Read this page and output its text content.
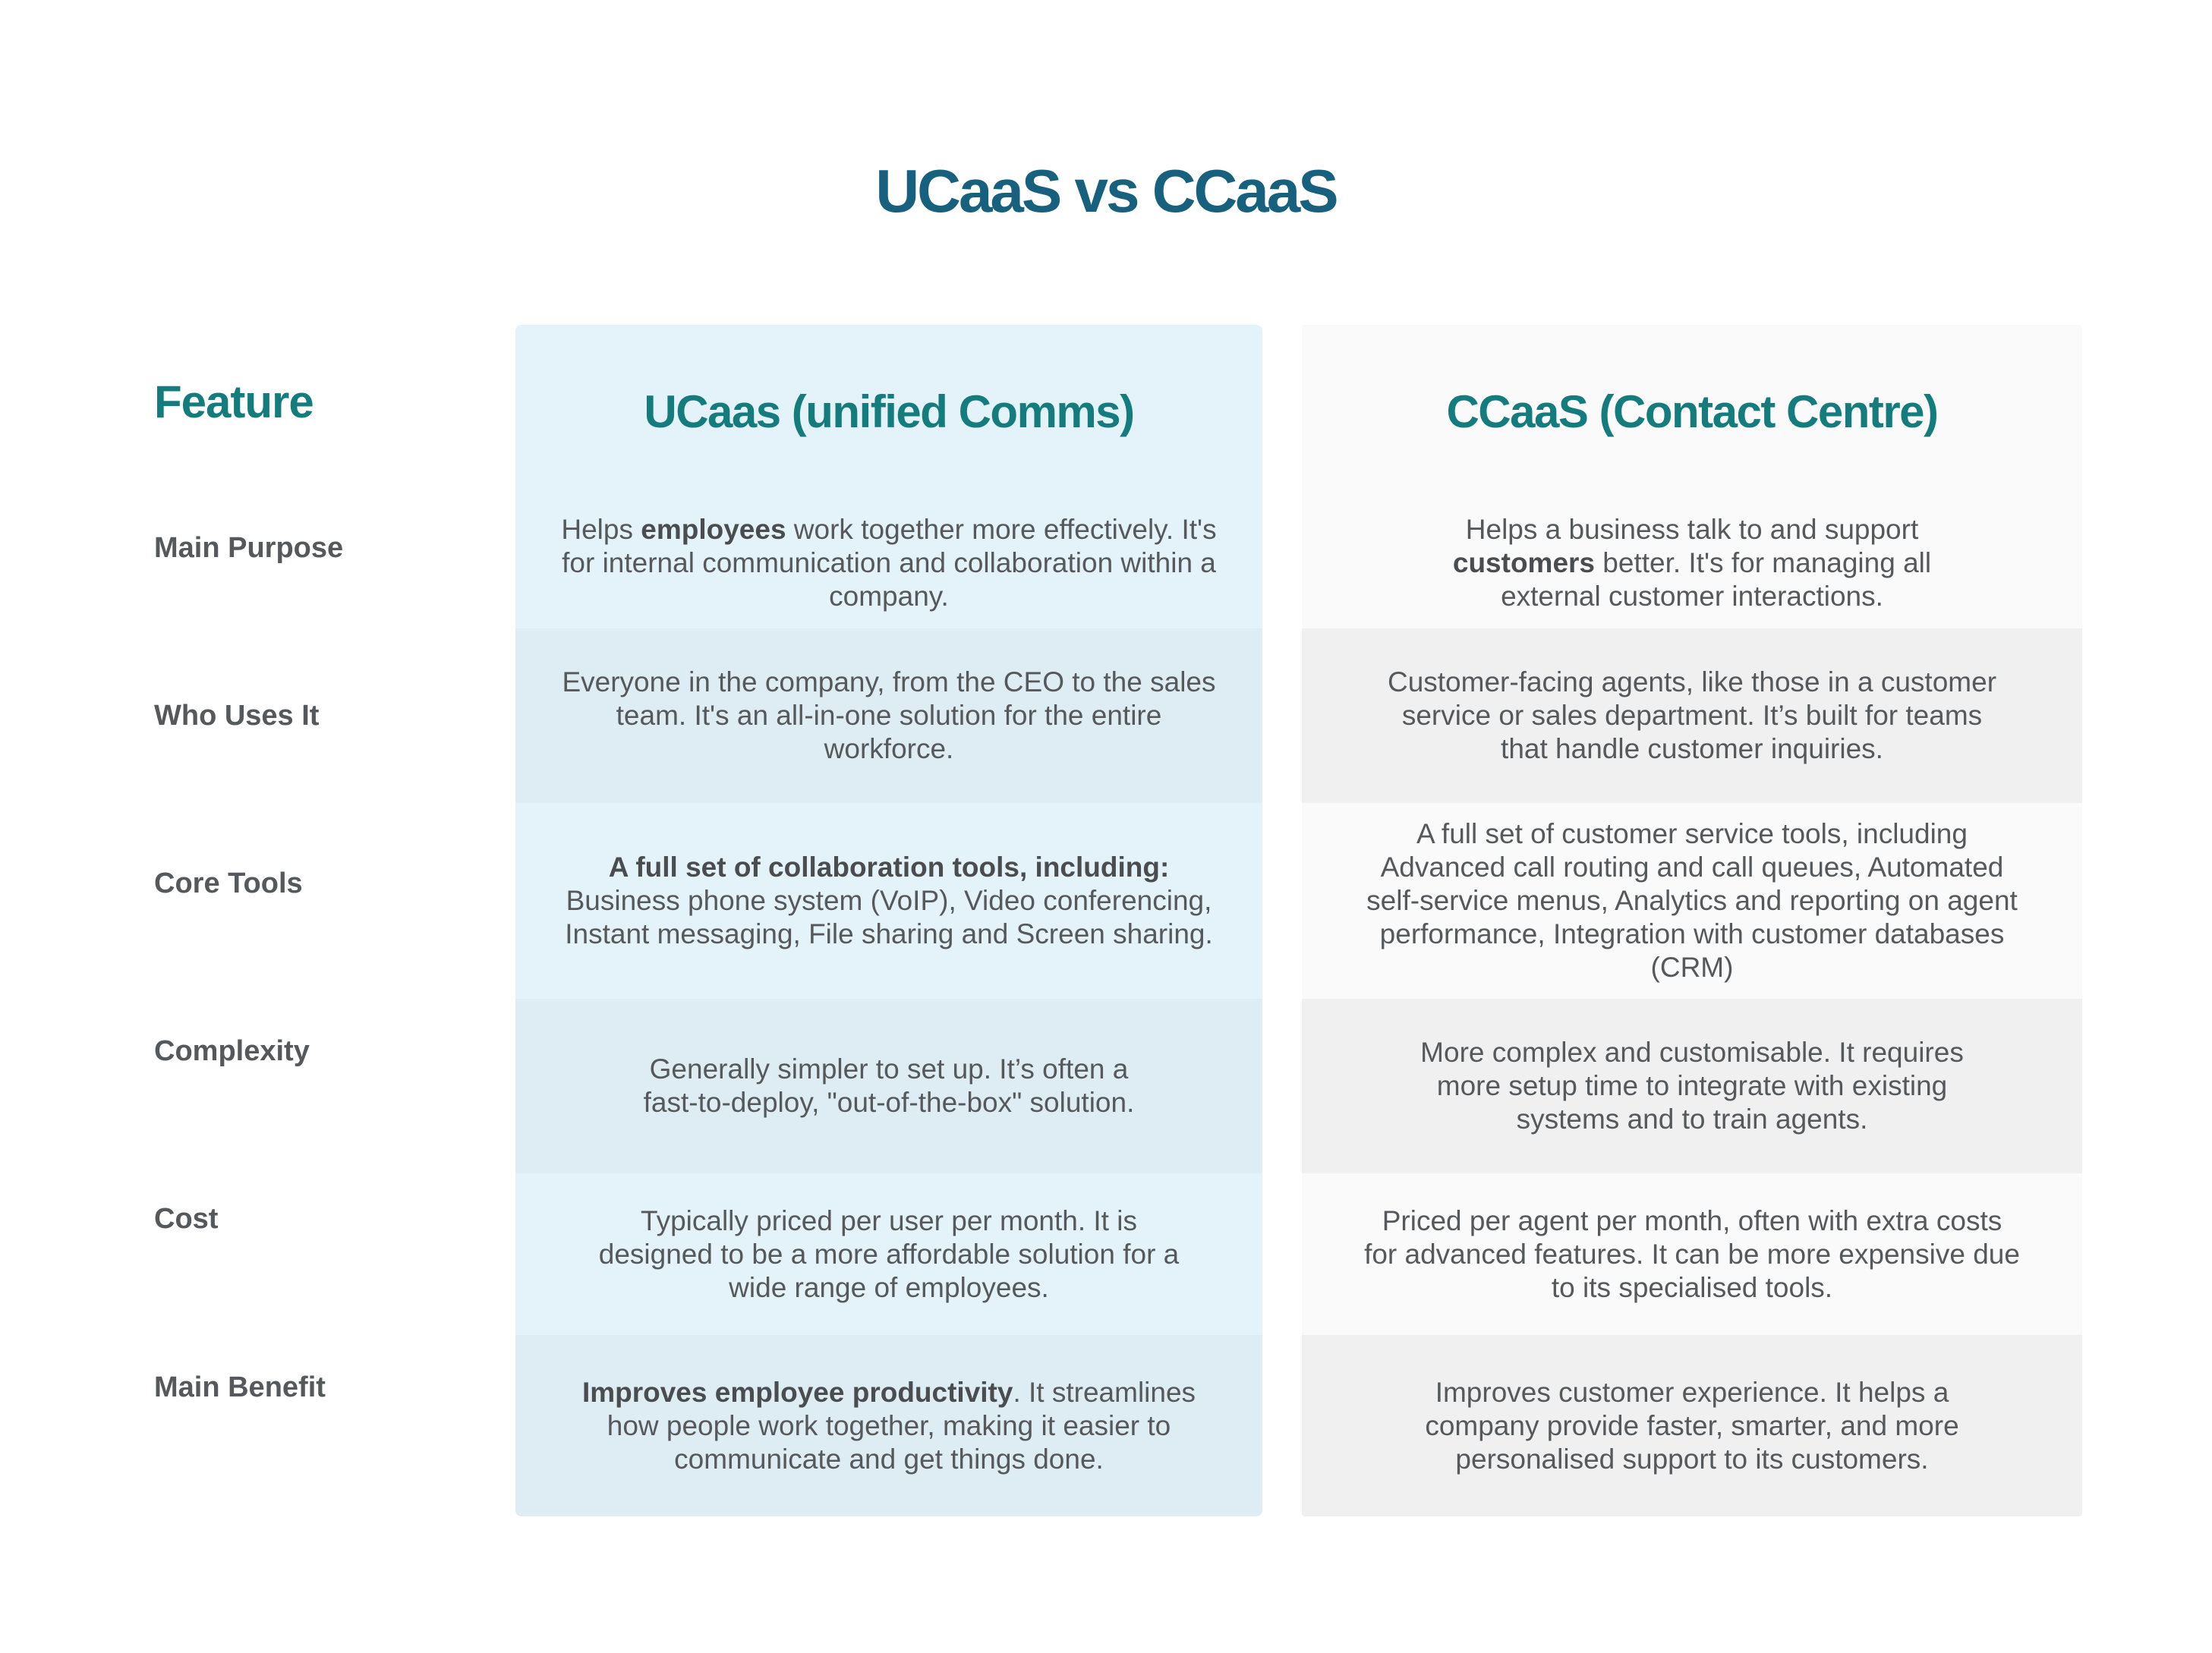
UCaaS vs CCaaS
Feature
Main Purpose
Who Uses It
Core Tools
Complexity
Cost
Main Benefit
UCaas (unified Comms)

Helps employees work together more effectively. It's for internal communication and collaboration within a company.

Everyone in the company, from the CEO to the sales team. It's an all-in-one solution for the entire workforce.

A full set of collaboration tools, including: Business phone system (VoIP), Video conferencing, Instant messaging, File sharing and Screen sharing.

Generally simpler to set up. It’s often a fast-to-deploy, "out-of-the-box" solution.

Typically priced per user per month. It is designed to be a more affordable solution for a wide range of employees.

Improves employee productivity. It streamlines how people work together, making it easier to communicate and get things done.

CCaaS (Contact Centre)

Helps a business talk to and support customers better. It's for managing all external customer interactions.

Customer-facing agents, like those in a customer service or sales department. It’s built for teams that handle customer inquiries.

A full set of customer service tools, including Advanced call routing and call queues, Automated self-service menus, Analytics and reporting on agent performance, Integration with customer databases (CRM)

More complex and customisable. It requires more setup time to integrate with existing systems and to train agents.

Priced per agent per month, often with extra costs for advanced features. It can be more expensive due to its specialised tools.

Improves customer experience. It helps a company provide faster, smarter, and more personalised support to its customers.
